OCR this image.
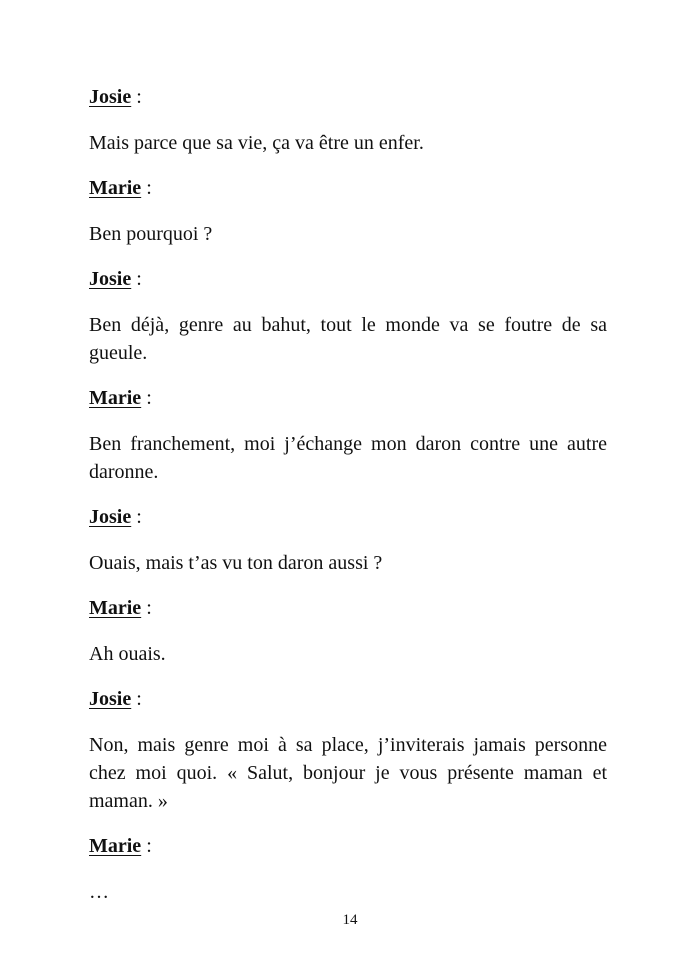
Josie :

Mais parce que sa vie, ça va être un enfer.

Marie :

Ben pourquoi ?

Josie :

Ben déjà, genre au bahut, tout le monde va se foutre de sa gueule.

Marie :

Ben franchement, moi j’échange mon daron contre une autre daronne.

Josie :

Ouais, mais t’as vu ton daron aussi ?

Marie :

Ah ouais.

Josie :

Non, mais genre moi à sa place, j’inviterais jamais personne chez moi quoi. « Salut, bonjour je vous présente maman et maman. »

Marie :

…

14
